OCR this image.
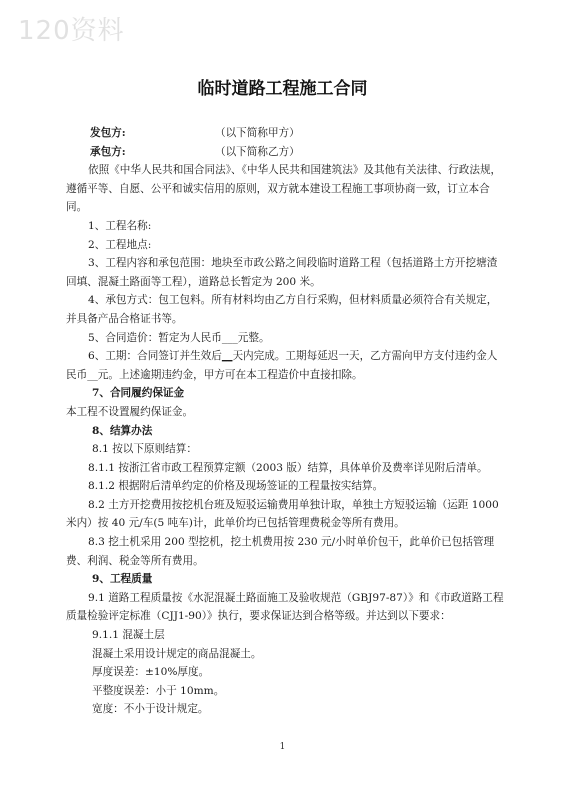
120资料
临时道路工程施工合同
发包方:	（以下简称甲方）
承包方:	（以下简称乙方）

依照《中华人民共和国合同法》、《中华人民共和国建筑法》及其他有关法律、行政法规，遵循平等、自愿、公平和诚实信用的原则，双方就本建设工程施工事项协商一致，订立本合同。

1、工程名称:

2、工程地点:

3、工程内容和承包范围：地块至市政公路之间段临时道路工程（包括道路土方开挖塘渣回填、混凝土路面等工程），道路总长暂定为 200 米。

4、承包方式：包工包料。所有材料均由乙方自行采购，但材料质量必须符合有关规定，并具备产品合格证书等。

5、合同造价：暂定为人民币___元整。

6、工期：合同签订并生效后__天内完成。工期每延迟一天，乙方需向甲方支付违约金人民币__元。上述逾期违约金，甲方可在本工程造价中直接扣除。

7、合同履约保证金

本工程不设置履约保证金。

8、结算办法

8.1 按以下原则结算：

8.1.1 按浙江省市政工程预算定额（2003 版）结算，具体单价及费率详见附后清单。

8.1.2 根据附后清单约定的价格及现场签证的工程量按实结算。

8.2 土方开挖费用按挖机台班及短驳运输费用单独计取，单独土方短驳运输（运距 1000 米内）按 40 元/车(5 吨车)计，此单价均已包括管理费税金等所有费用。

8.3 挖土机采用 200 型挖机，挖土机费用按 230 元/小时单价包干，此单价已包括管理费、利润、税金等所有费用。

9、工程质量

9.1 道路工程质量按《水泥混凝土路面施工及验收规范（GBJ97-87）》和《市政道路工程质量检验评定标准（CJJ1-90）》执行，要求保证达到合格等级。并达到以下要求：

9.1.1 混凝土层

混凝土采用设计规定的商品混凝土。

厚度误差：±10%厚度。

平整度误差：小于 10mm。

宽度：不小于设计规定。

1
